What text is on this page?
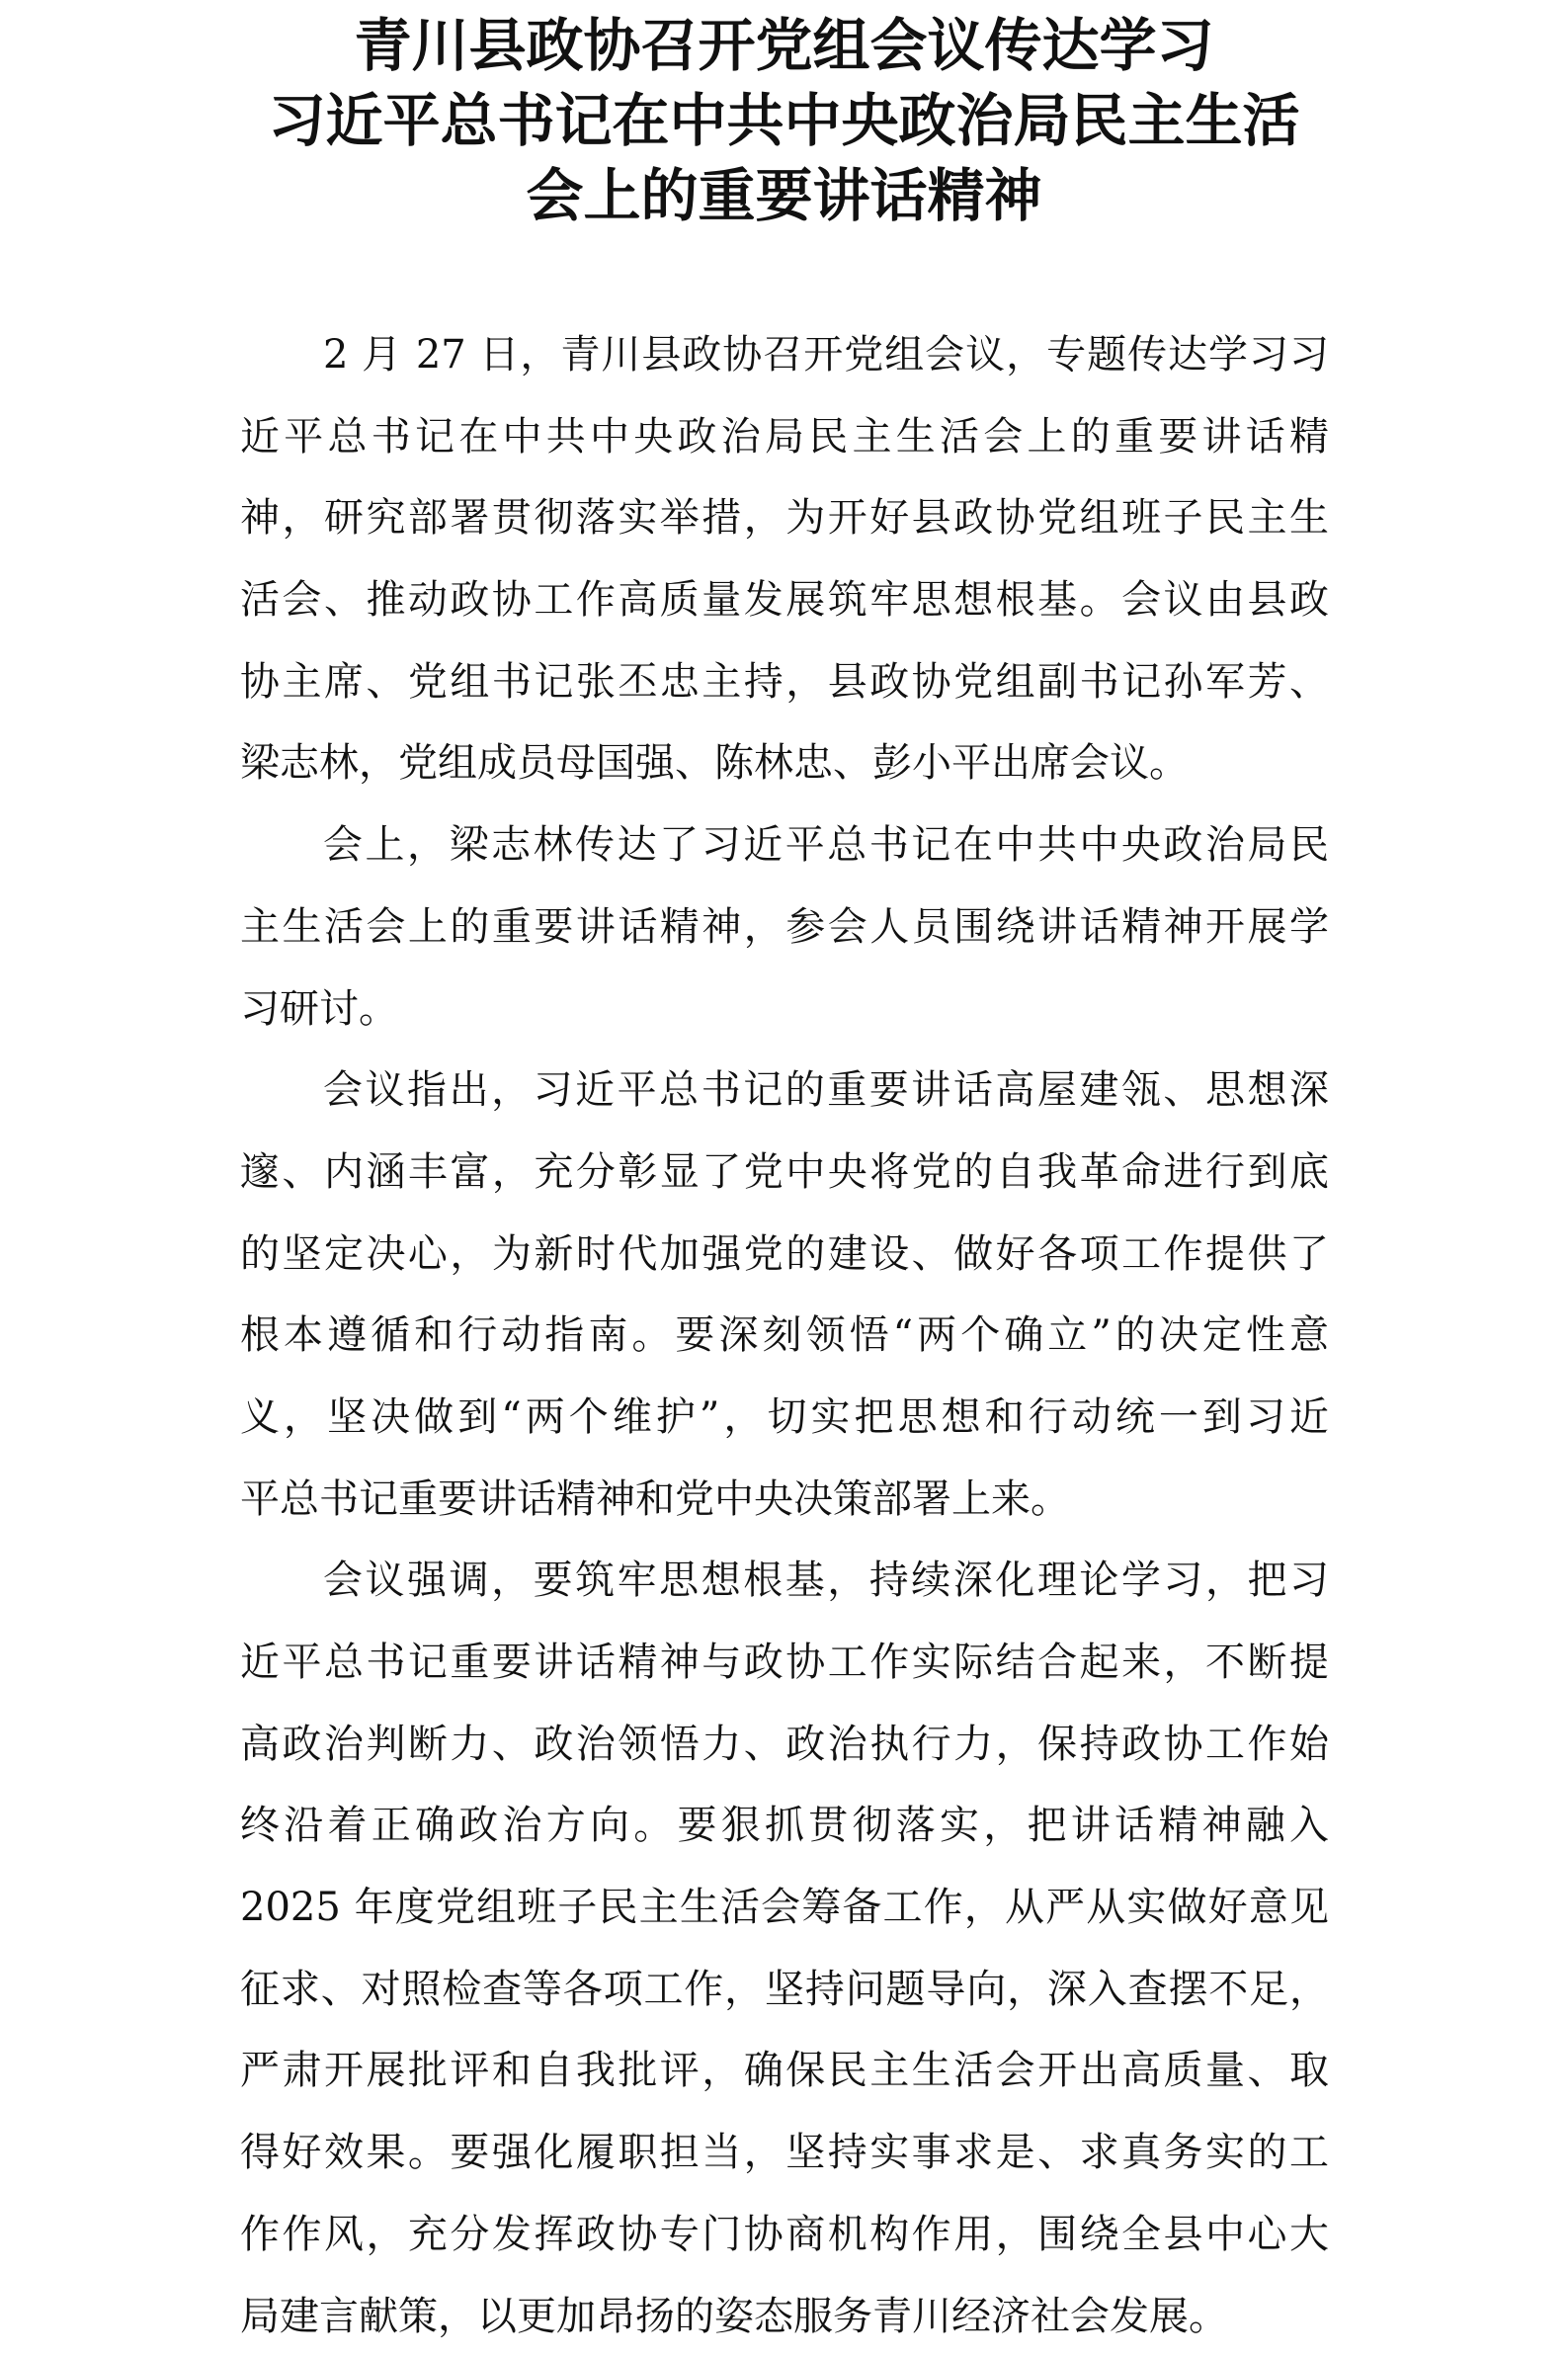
青川县政协召开党组会议传达学习
习近平总书记在中共中央政治局民主生活
会上的重要讲话精神
2 月 27 日，青川县政协召开党组会议，专题传达学习习
近平总书记在中共中央政治局民主生活会上的重要讲话精
神，研究部署贯彻落实举措，为开好县政协党组班子民主生
活会、推动政协工作高质量发展筑牢思想根基。会议由县政
协主席、党组书记张丕忠主持，县政协党组副书记孙军芳、
梁志林，党组成员母国强、陈林忠、彭小平出席会议。
会上，梁志林传达了习近平总书记在中共中央政治局民
主生活会上的重要讲话精神，参会人员围绕讲话精神开展学
习研讨。
会议指出，习近平总书记的重要讲话高屋建瓴、思想深
邃、内涵丰富，充分彰显了党中央将党的自我革命进行到底
的坚定决心，为新时代加强党的建设、做好各项工作提供了
根本遵循和行动指南。要深刻领悟“两个确立”的决定性意
义，坚决做到“两个维护”，切实把思想和行动统一到习近
平总书记重要讲话精神和党中央决策部署上来。
会议强调，要筑牢思想根基，持续深化理论学习，把习
近平总书记重要讲话精神与政协工作实际结合起来，不断提
高政治判断力、政治领悟力、政治执行力，保持政协工作始
终沿着正确政治方向。要狠抓贯彻落实，把讲话精神融入
2025 年度党组班子民主生活会筹备工作，从严从实做好意见
征求、对照检查等各项工作，坚持问题导向，深入查摆不足，
严肃开展批评和自我批评，确保民主生活会开出高质量、取
得好效果。要强化履职担当，坚持实事求是、求真务实的工
作作风，充分发挥政协专门协商机构作用，围绕全县中心大
局建言献策，以更加昂扬的姿态服务青川经济社会发展。
